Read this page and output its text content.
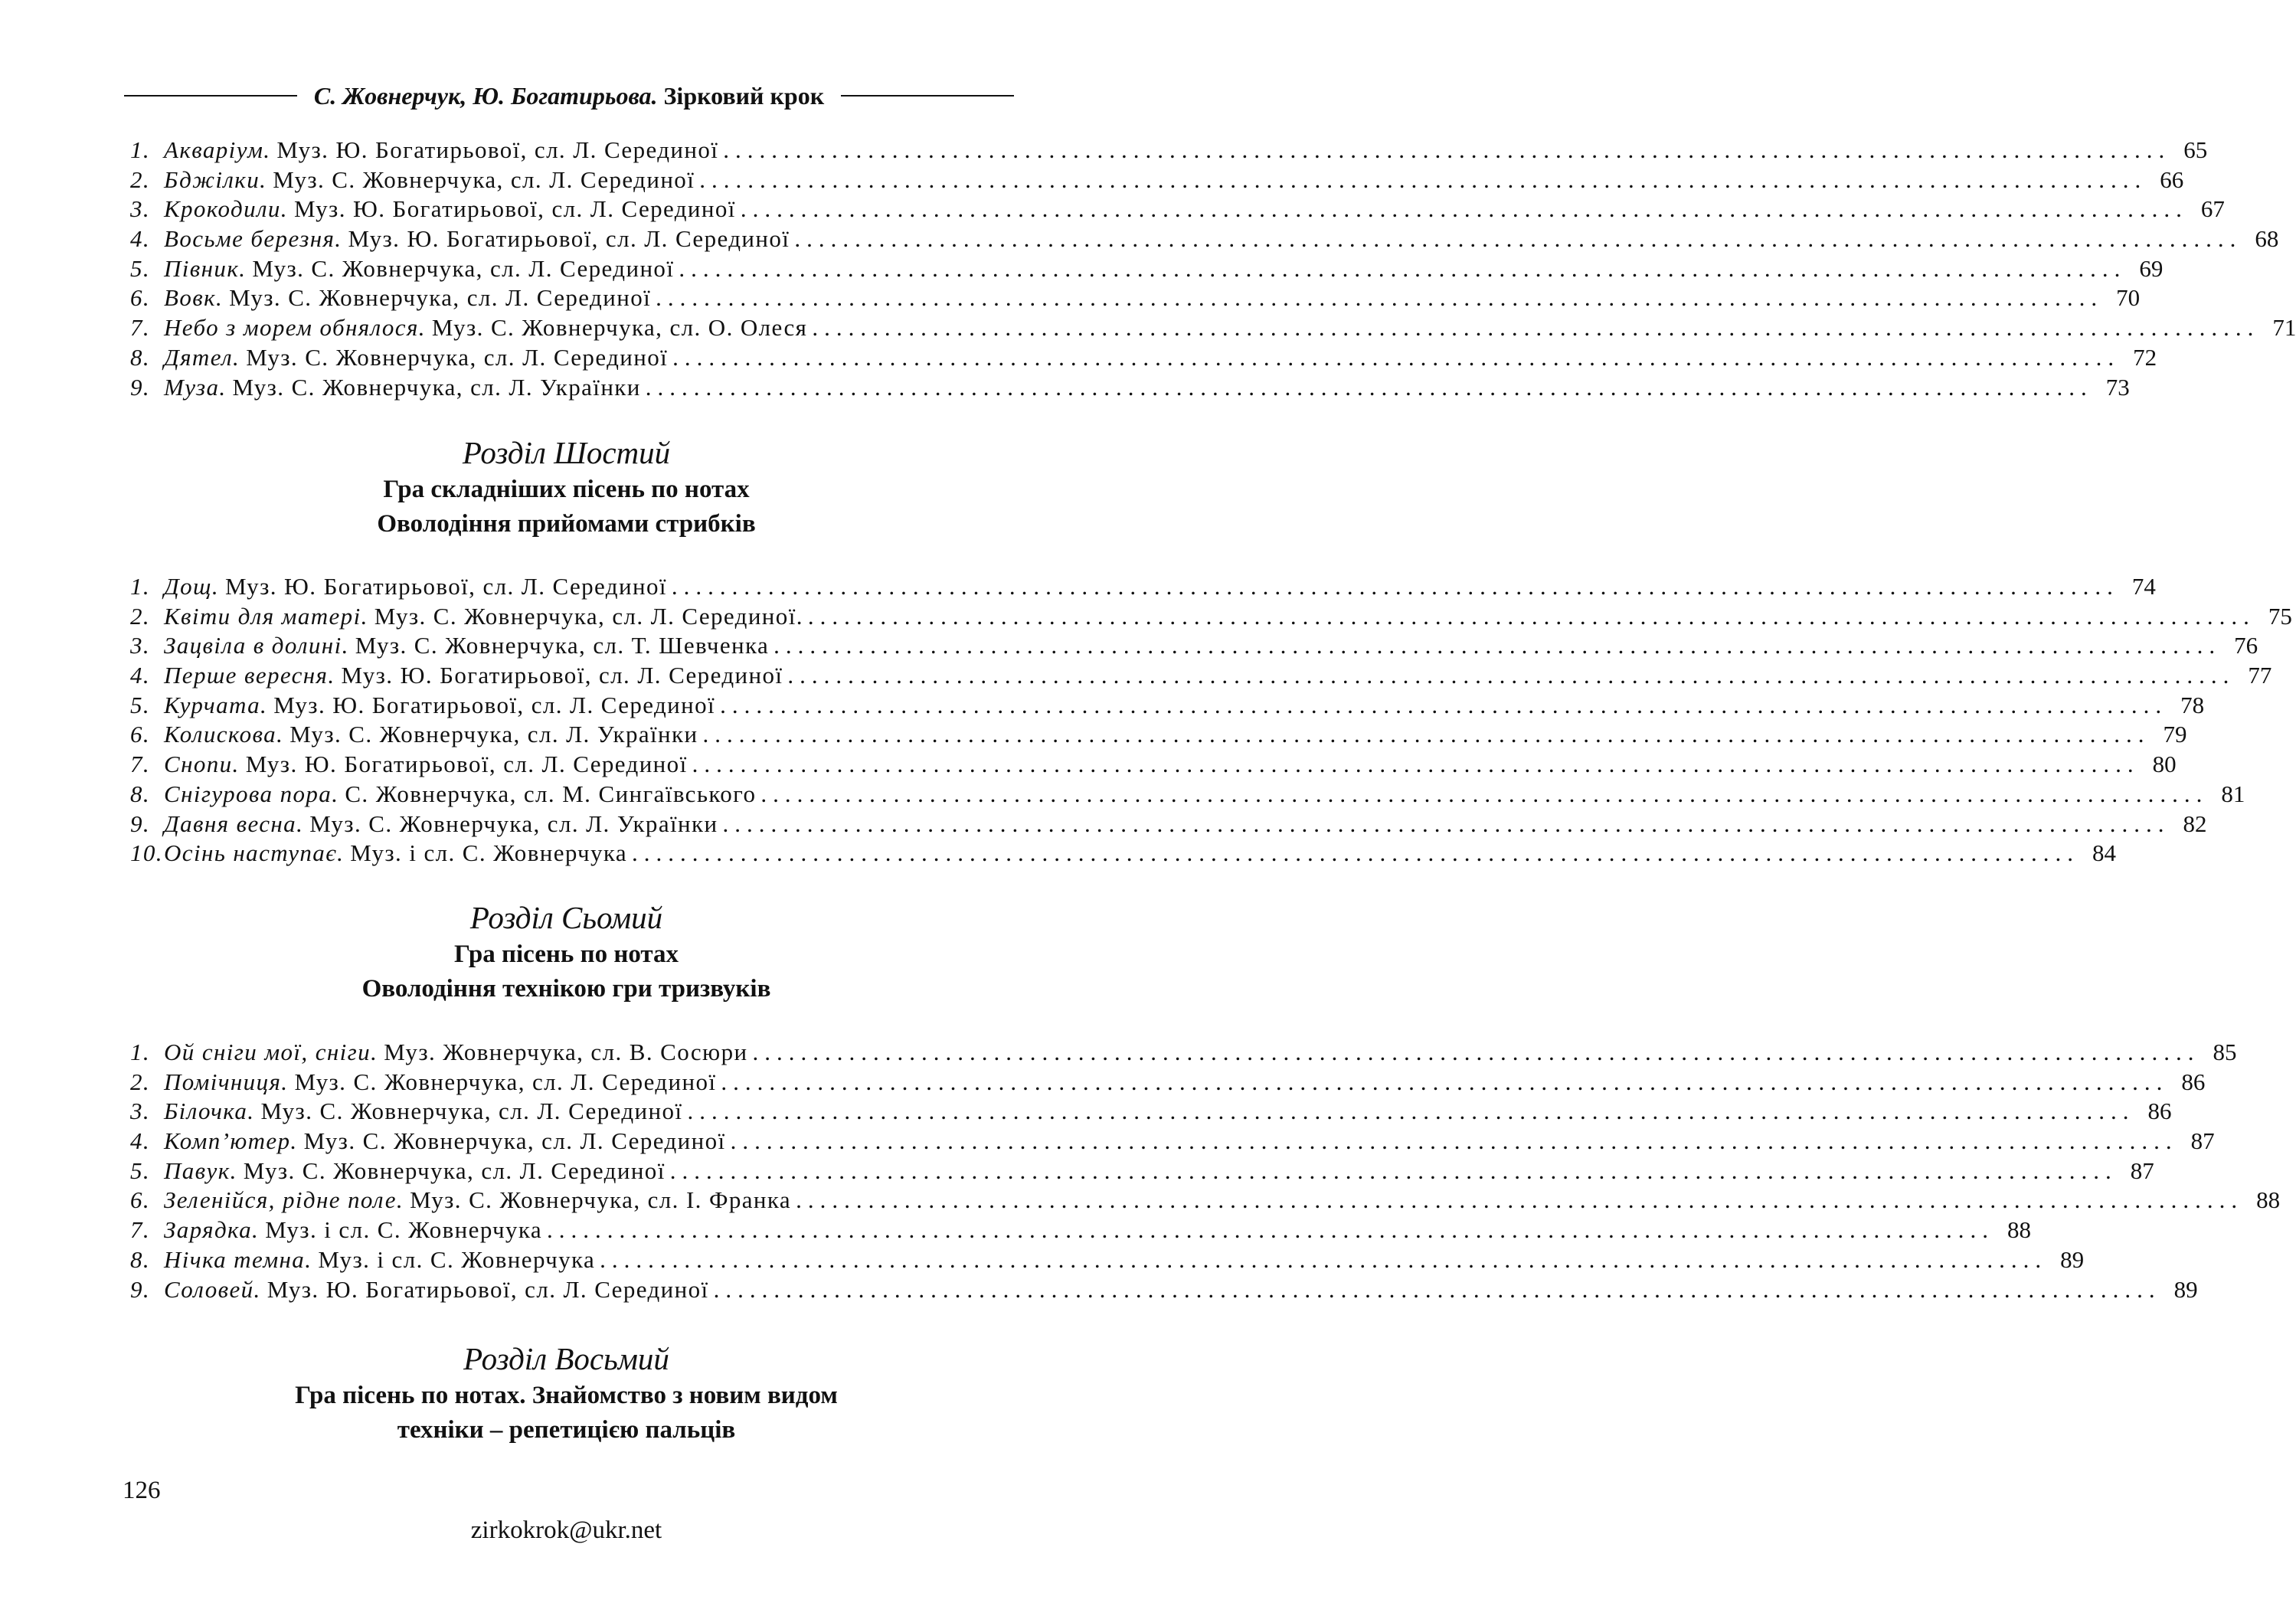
С. Жовнерчук, Ю. Богатирьова. Зірковий крок
1. Акваріум. Муз. Ю. Богатирьової, сл. Л. Серединої ........................................................................................................................ 65
2. Бджілки. Муз. С. Жовнерчука, сл. Л. Серединої ........................................................................................................................ 66
3. Крокодили. Муз. Ю. Богатирьової, сл. Л. Серединої ........................................................................................................................ 67
4. Восьме березня. Муз. Ю. Богатирьової, сл. Л. Серединої ........................................................................................................................ 68
5. Півник. Муз. С. Жовнерчука, сл. Л. Серединої ........................................................................................................................ 69
6. Вовк. Муз. С. Жовнерчука, сл. Л. Серединої ........................................................................................................................ 70
7. Небо з морем обнялося. Муз. С. Жовнерчука, сл. О. Олеся ........................................................................................................................ 71
8. Дятел. Муз. С. Жовнерчука, сл. Л. Серединої ........................................................................................................................ 72
9. Муза. Муз. С. Жовнерчука, сл. Л. Українки ........................................................................................................................ 73
Розділ Шостий
Гра складніших пісень по нотах
Оволодіння прийомами стрибків
1. Дощ. Муз. Ю. Богатирьової, сл. Л. Серединої ........................................................................................................................ 74
2. Квіти для матері. Муз. С. Жовнерчука, сл. Л. Серединої. ........................................................................................................................ 75
3. Зацвіла в долині. Муз. С. Жовнерчука, сл. Т. Шевченка ........................................................................................................................ 76
4. Перше вересня. Муз. Ю. Богатирьової, сл. Л. Серединої ........................................................................................................................ 77
5. Курчата. Муз. Ю. Богатирьової, сл. Л. Серединої ........................................................................................................................ 78
6. Колискова. Муз. С. Жовнерчука, сл. Л. Українки ........................................................................................................................ 79
7. Снопи. Муз. Ю. Богатирьової, сл. Л. Серединої ........................................................................................................................ 80
8. Снігурова пора. С. Жовнерчука, сл. М. Сингаївського ........................................................................................................................ 81
9. Давня весна. Муз. С. Жовнерчука, сл. Л. Українки ........................................................................................................................ 82
10. Осінь наступає. Муз. і сл. С. Жовнерчука ........................................................................................................................ 84
Розділ Сьомий
Гра пісень по нотах
Оволодіння технікою гри тризвуків
1. Ой сніги мої, сніги. Муз. Жовнерчука, сл. В. Сосюри ........................................................................................................................ 85
2. Помічниця. Муз. С. Жовнерчука, сл. Л. Серединої ........................................................................................................................ 86
3. Білочка. Муз. С. Жовнерчука, сл. Л. Серединої ........................................................................................................................ 86
4. Комп’ютер. Муз. С. Жовнерчука, сл. Л. Серединої ........................................................................................................................ 87
5. Павук. Муз. С. Жовнерчука, сл. Л. Серединої ........................................................................................................................ 87
6. Зеленійся, рідне поле. Муз. С. Жовнерчука, сл. І. Франка ........................................................................................................................ 88
7. Зарядка. Муз. і сл. С. Жовнерчука ........................................................................................................................ 88
8. Нічка темна. Муз. і сл. С. Жовнерчука ........................................................................................................................ 89
9. Соловей. Муз. Ю. Богатирьової, сл. Л. Серединої ........................................................................................................................ 89
Розділ Восьмий
Гра пісень по нотах. Знайомство з новим видом
техніки – репетицією пальців
126
zirkokrok@ukr.net
